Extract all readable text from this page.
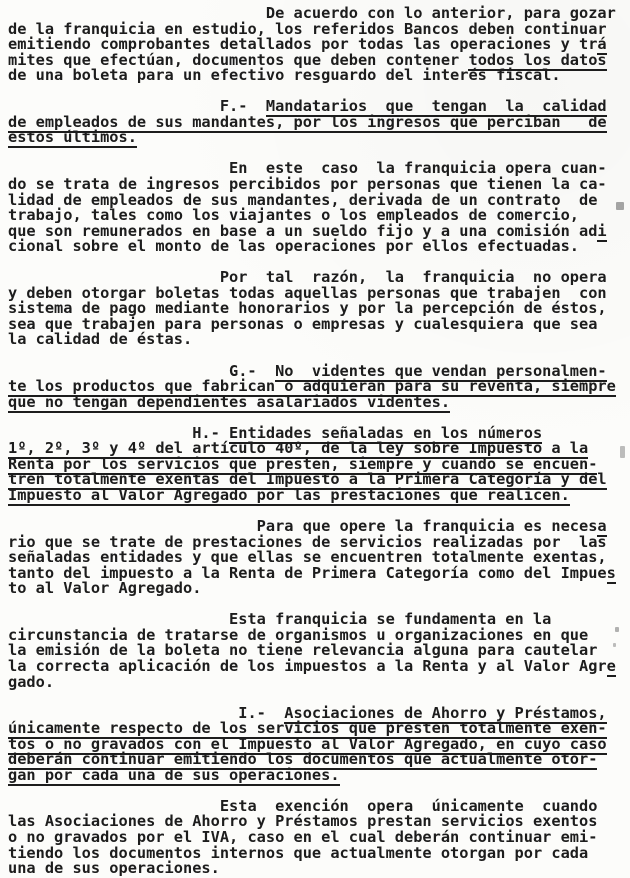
De acuerdo con lo anterior, para gozar
de la franquicia en estudio, los referidos Bancos deben continuar
emitiendo comprobantes detallados por todas las operaciones y trá
mites que efectúan, documentos que deben contener todos los datos
de una boleta para un efectivo resguardo del interés fiscal.

F.-  Mandatarios  que  tengan  la  calidad
de empleados de sus mandantes, por los ingresos que perciban   de
estos últimos.

En  este  caso  la franquicia opera cuan-
do se trata de ingresos percibidos por personas que tienen la ca-
lidad de empleados de sus mandantes, derivada de un contrato  de
trabajo, tales como los viajantes o los empleados de comercio,
que son remunerados en base a un sueldo fijo y a una comisión adi
cional sobre el monto de las operaciones por ellos efectuadas.

Por  tal  razón,  la  franquicia  no opera
y deben otorgar boletas todas aquellas personas que trabajen  con
sistema de pago mediante honorarios y por la percepción de éstos,
sea que trabajen para personas o empresas y cualesquiera que sea
la calidad de éstas.

G.-  No  videntes que vendan personalmen-
te los productos que fabrican o adquieran para su reventa, siempre
que no tengan dependientes asalariados videntes.

H.- Entidades señaladas en los números
1º, 2º, 3º y 4º del artículo 40º, de la ley sobre Impuesto a la
Renta por los servicios que presten, siempre y cuando se encuen-
tren totalmente exentas del Impuesto a la Primera Categoría y del
Impuesto al Valor Agregado por las prestaciones que realicen.

Para que opere la franquicia es necesa
rio que se trate de prestaciones de servicios realizadas por  las
señaladas entidades y que ellas se encuentren totalmente exentas,
tanto del impuesto a la Renta de Primera Categoría como del Impues
to al Valor Agregado.

Esta franquicia se fundamenta en la
circunstancia de tratarse de organismos u organizaciones en que
la emisión de la boleta no tiene relevancia alguna para cautelar
la correcta aplicación de los impuestos a la Renta y al Valor Agre
gado.

I.-  Asociaciones de Ahorro y Préstamos,
únicamente respecto de los servicios que presten totalmente exen-
tos o no gravados con el Impuesto al Valor Agregado, en cuyo caso
deberán continuar emitiendo los documentos que actualmente otor-
gan por cada una de sus operaciones.

Esta  exención  opera  únicamente  cuando
las Asociaciones de Ahorro y Préstamos prestan servicios exentos
o no gravados por el IVA, caso en el cual deberán continuar emi-
tiendo los documentos internos que actualmente otorgan por cada
una de sus operaciones.
